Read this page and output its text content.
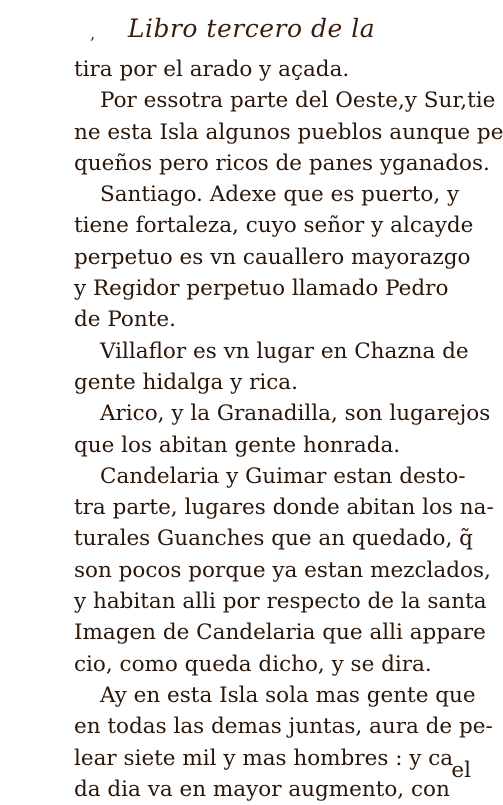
‚	Libro tercero de la
tira por el arado y açada.
Por essotra parte del Oeste,y Sur,tie
ne esta Isla algunos pueblos aunque pe
queños pero ricos de panes yganados.
Santiago. Adexe que es puerto, y
tiene fortaleza, cuyo señor y alcayde
perpetuo es vn cauallero mayorazgo
y Regidor perpetuo llamado Pedro
de Ponte.
Villaflor es vn lugar en Chazna de
gente hidalga y rica.
Arico, y la Granadilla, son lugarejos
que los abitan gente honrada.
Candelaria y Guimar estan desto-
tra parte, lugares donde abitan los na-
turales Guanches que an quedado, q̃
son pocos porque ya estan mezclados,
y habitan alli por respecto de la santa
Imagen de Candelaria que alli appare
cio, como queda dicho, y se dira.
Ay en esta Isla sola mas gente que
en todas las demas juntas, aura de pe-
lear siete mil y mas hombres : y ca
da dia va en mayor augmento, con
el
